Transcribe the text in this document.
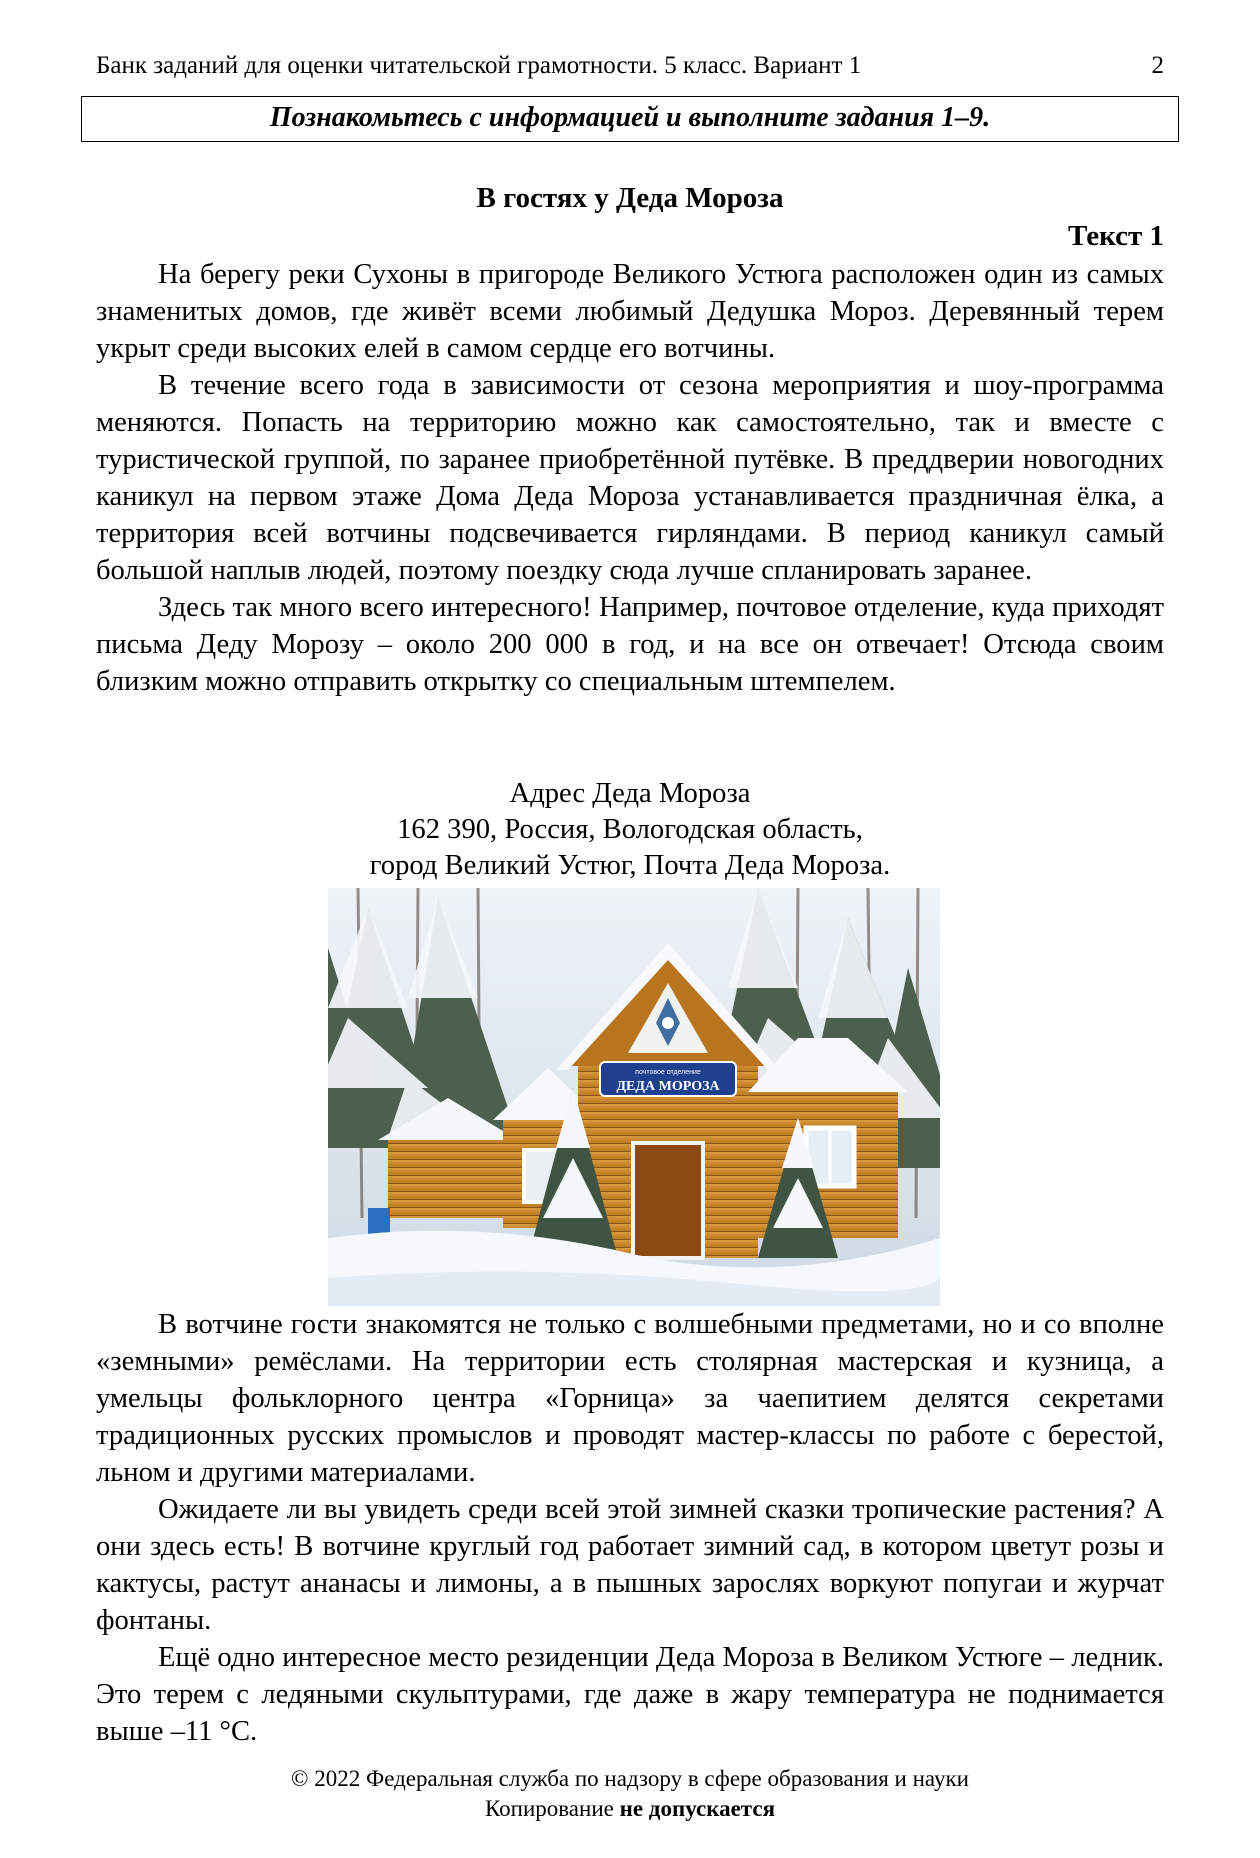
Банк заданий для оценки читательской грамотности. 5 класс. Вариант 1	2
Познакомьтесь с информацией и выполните задания 1–9.
В гостях у Деда Мороза
Текст 1

На берегу реки Сухоны в пригороде Великого Устюга расположен один из самых знаменитых домов, где живёт всеми любимый Дедушка Мороз. Деревянный терем укрыт среди высоких елей в самом сердце его вотчины.

В течение всего года в зависимости от сезона мероприятия и шоу-программа меняются. Попасть на территорию можно как самостоятельно, так и вместе с туристической группой, по заранее приобретённой путёвке. В преддверии новогодних каникул на первом этаже Дома Деда Мороза устанавливается праздничная ёлка, а территория всей вотчины подсвечивается гирляндами. В период каникул самый большой наплыв людей, поэтому поездку сюда лучше спланировать заранее.

Здесь так много всего интересного! Например, почтовое отделение, куда приходят письма Деду Морозу – около 200 000 в год, и на все он отвечает! Отсюда своим близким можно отправить открытку со специальным штемпелем.

Адрес Деда Мороза
162 390, Россия, Вологодская область,
город Великий Устюг, Почта Деда Мороза.
почтовое отделение
ДЕДА МОРОЗА

В вотчине гости знакомятся не только с волшебными предметами, но и со вполне «земными» ремёслами. На территории есть столярная мастерская и кузница, а умельцы фольклорного центра «Горница» за чаепитием делятся секретами традиционных русских промыслов и проводят мастер-классы по работе с берестой, льном и другими материалами.

Ожидаете ли вы увидеть среди всей этой зимней сказки тропические растения? А они здесь есть! В вотчине круглый год работает зимний сад, в котором цветут розы и кактусы, растут ананасы и лимоны, а в пышных зарослях воркуют попугаи и журчат фонтаны.

Ещё одно интересное место резиденции Деда Мороза в Великом Устюге – ледник. Это терем с ледяными скульптурами, где даже в жару температура не поднимается выше –11 °С.

© 2022 Федеральная служба по надзору в сфере образования и науки
Копирование не допускается
